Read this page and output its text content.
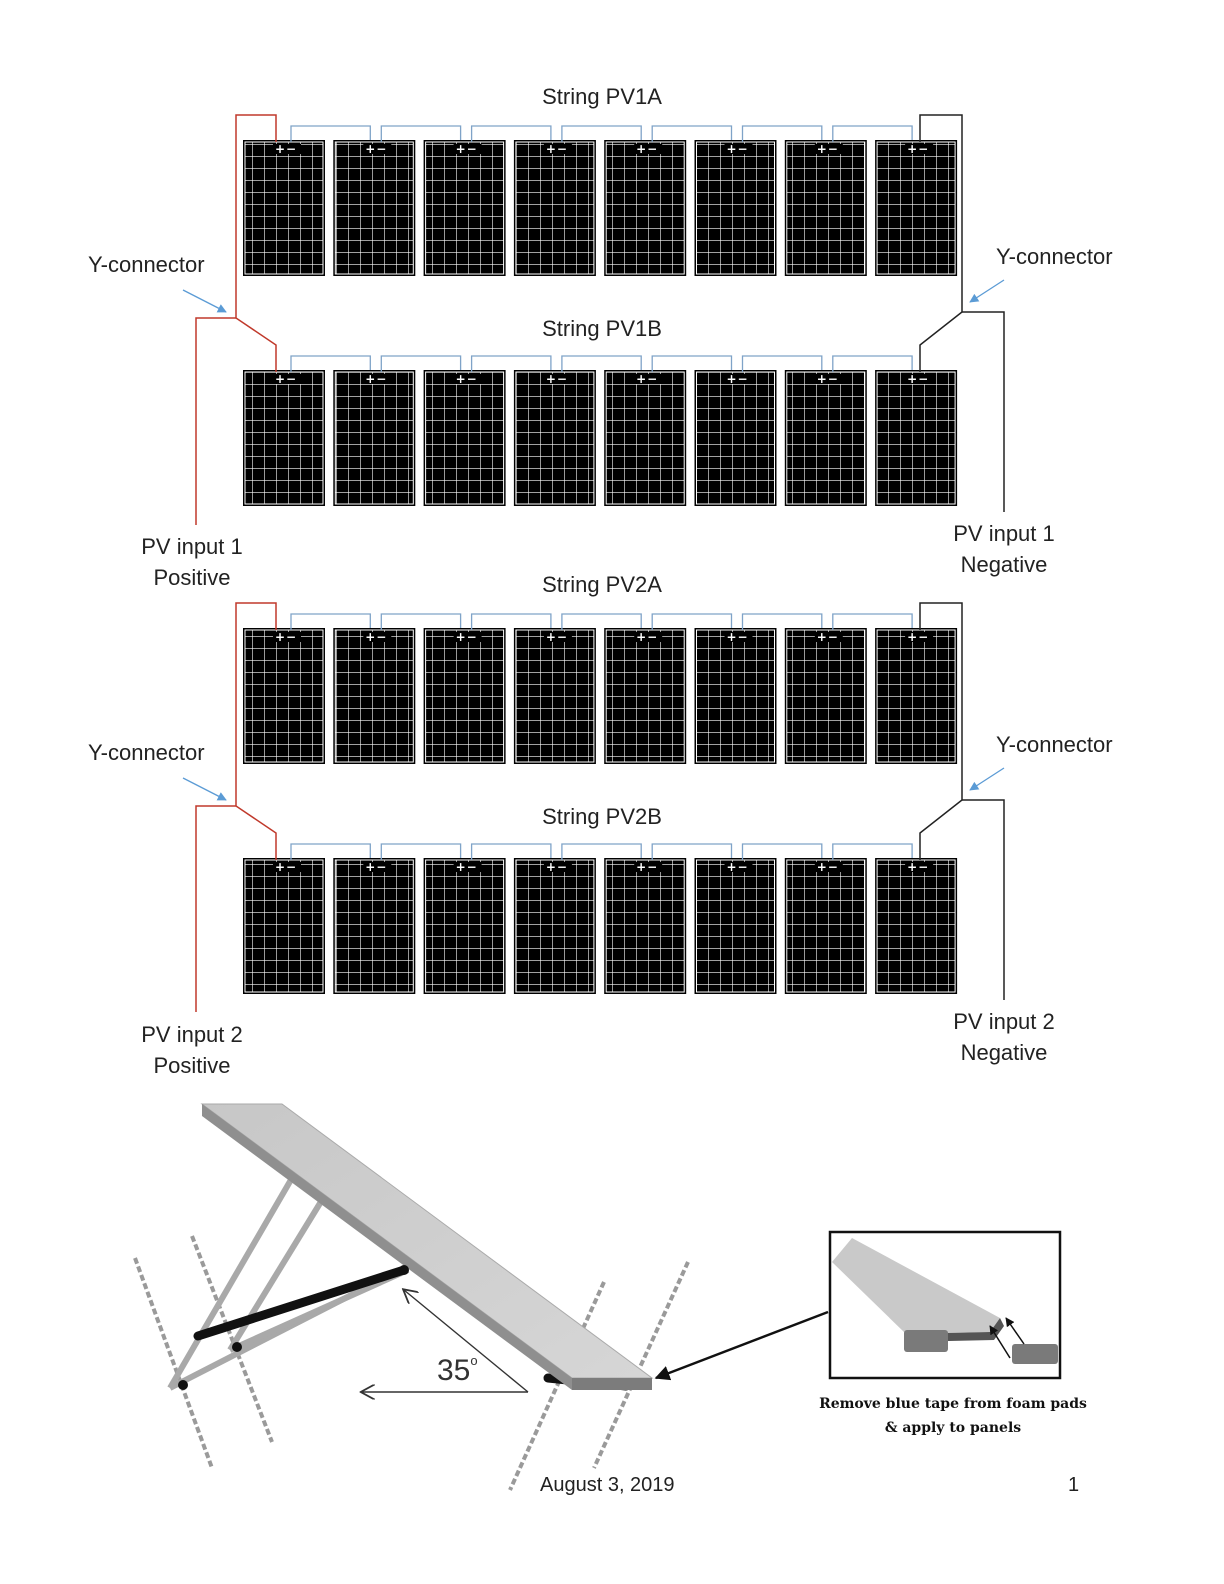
+ −	+ −	+ −	+ −	+ −	+ −	+ −	+ −
+ −	+ −	+ −	+ −	+ −	+ −	+ −	+ −
+ −	+ −	+ −	+ −	+ −	+ −	+ −	+ −
+ −	+ −	+ −	+ −	+ −	+ −	+ −	+ −
String PV1A
String PV1B
String PV2A
String PV2B
Y-connector	Y-connector
Y-connector	Y-connector
PV input 1
Positive
PV input 1
Negative
PV input 2
Positive
PV input 2
Negative
35$^o$
Remove blue tape from foam pads
& apply to panels
August 3, 2019	1
